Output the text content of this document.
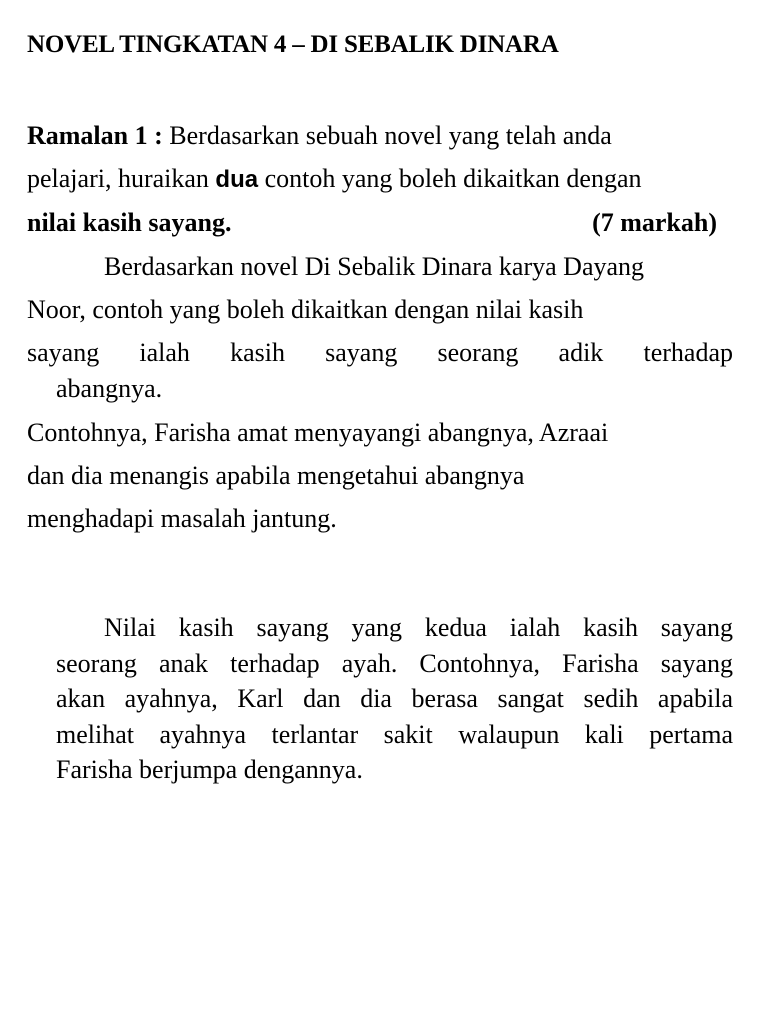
NOVEL TINGKATAN 4 – DI SEBALIK DINARA
Ramalan 1 : Berdasarkan sebuah novel yang telah anda
pelajari, huraikan dua contoh yang boleh dikaitkan dengan
nilai kasih sayang.	(7 markah)
Berdasarkan novel Di Sebalik Dinara karya Dayang
Noor, contoh yang boleh dikaitkan dengan nilai kasih
sayang ialah kasih sayang seorang adik terhadap
abangnya.
Contohnya, Farisha amat menyayangi abangnya, Azraai
dan dia menangis apabila mengetahui abangnya
menghadapi masalah jantung.
Nilai kasih sayang yang kedua ialah kasih sayang
seorang anak terhadap ayah. Contohnya, Farisha sayang
akan ayahnya, Karl dan dia berasa sangat sedih apabila
melihat ayahnya terlantar sakit walaupun kali pertama
Farisha berjumpa dengannya.
